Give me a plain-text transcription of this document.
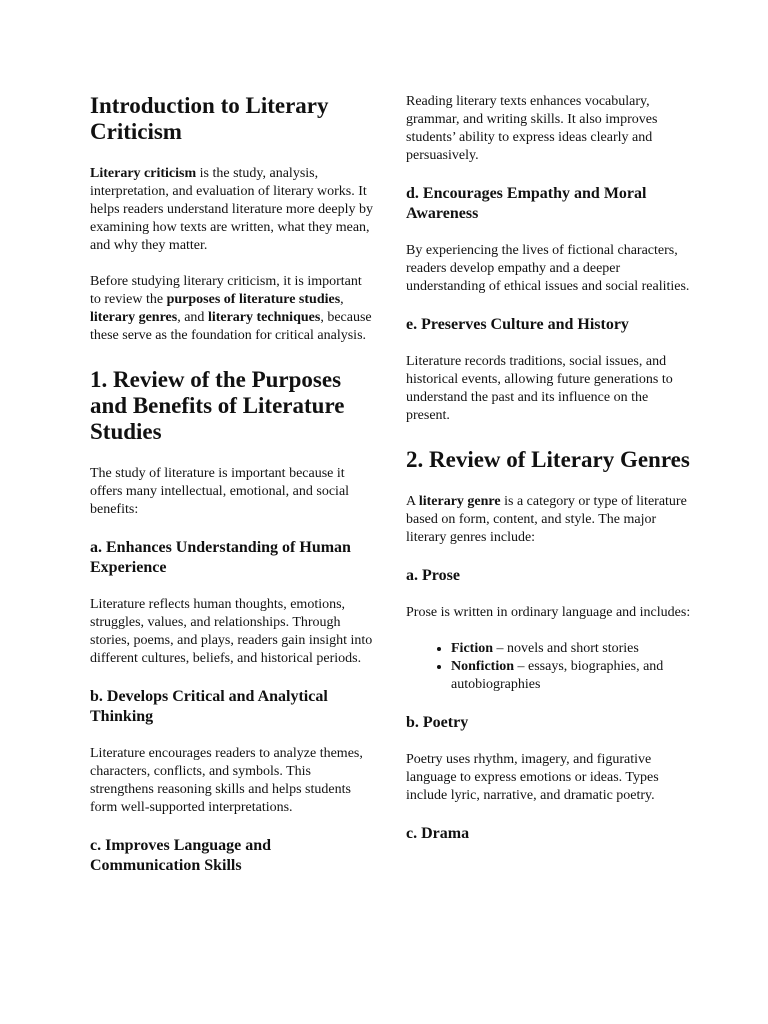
Introduction to Literary Criticism

Literary criticism is the study, analysis, interpretation, and evaluation of literary works. It helps readers understand literature more deeply by examining how texts are written, what they mean, and why they matter.

Before studying literary criticism, it is important to review the purposes of literature studies, literary genres, and literary techniques, because these serve as the foundation for critical analysis.

1. Review of the Purposes and Benefits of Literature Studies

The study of literature is important because it offers many intellectual, emotional, and social benefits:

a. Enhances Understanding of Human Experience

Literature reflects human thoughts, emotions, struggles, values, and relationships. Through stories, poems, and plays, readers gain insight into different cultures, beliefs, and historical periods.

b. Develops Critical and Analytical Thinking

Literature encourages readers to analyze themes, characters, conflicts, and symbols. This strengthens reasoning skills and helps students form well-supported interpretations.

c. Improves Language and Communication Skills

Reading literary texts enhances vocabulary, grammar, and writing skills. It also improves students’ ability to express ideas clearly and persuasively.

d. Encourages Empathy and Moral Awareness

By experiencing the lives of fictional characters, readers develop empathy and a deeper understanding of ethical issues and social realities.

e. Preserves Culture and History

Literature records traditions, social issues, and historical events, allowing future generations to understand the past and its influence on the present.

2. Review of Literary Genres

A literary genre is a category or type of literature based on form, content, and style. The major literary genres include:

a. Prose

Prose is written in ordinary language and includes:

• Fiction – novels and short stories
• Nonfiction – essays, biographies, and autobiographies
b. Poetry

Poetry uses rhythm, imagery, and figurative language to express emotions or ideas. Types include lyric, narrative, and dramatic poetry.

c. Drama
